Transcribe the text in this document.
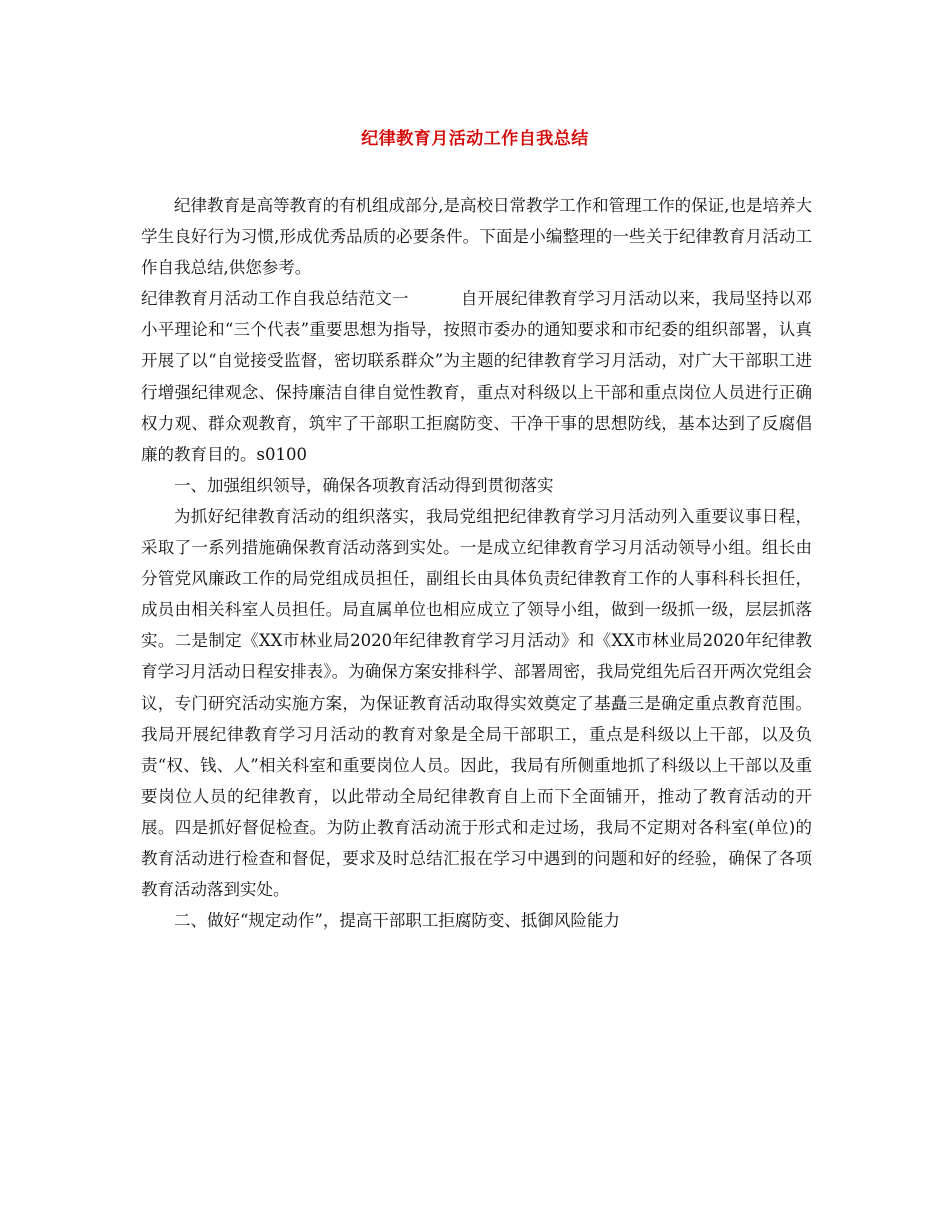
纪律教育月活动工作自我总结

纪律教育是高等教育的有机组成部分,是高校日常教学工作和管理工作的保证,也是培养大学生良好行为习惯,形成优秀品质的必要条件。下面是小编整理的一些关于纪律教育月活动工作自我总结,供您参考。

纪律教育月活动工作自我总结范文一	自开展纪律教育学习月活动以来，我局坚持以邓小平理论和“三个代表”重要思想为指导，按照市委办的通知要求和市纪委的组织部署，认真开展了以“自觉接受监督，密切联系群众”为主题的纪律教育学习月活动，对广大干部职工进行增强纪律观念、保持廉洁自律自觉性教育，重点对科级以上干部和重点岗位人员进行正确权力观、群众观教育，筑牢了干部职工拒腐防变、干净干事的思想防线，基本达到了反腐倡廉的教育目的。s0100

一、加强组织领导，确保各项教育活动得到贯彻落实

为抓好纪律教育活动的组织落实，我局党组把纪律教育学习月活动列入重要议事日程，采取了一系列措施确保教育活动落到实处。一是成立纪律教育学习月活动领导小组。组长由分管党风廉政工作的局党组成员担任，副组长由具体负责纪律教育工作的人事科科长担任，成员由相关科室人员担任。局直属单位也相应成立了领导小组，做到一级抓一级，层层抓落实。二是制定《XX市林业局2020年纪律教育学习月活动》和《XX市林业局2020年纪律教育学习月活动日程安排表》。为确保方案安排科学、部署周密，我局党组先后召开两次党组会议，专门研究活动实施方案，为保证教育活动取得实效奠定了基矗三是确定重点教育范围。我局开展纪律教育学习月活动的教育对象是全局干部职工，重点是科级以上干部，以及负责“权、钱、人”相关科室和重要岗位人员。因此，我局有所侧重地抓了科级以上干部以及重要岗位人员的纪律教育，以此带动全局纪律教育自上而下全面铺开，推动了教育活动的开展。四是抓好督促检查。为防止教育活动流于形式和走过场，我局不定期对各科室(单位)的教育活动进行检查和督促，要求及时总结汇报在学习中遇到的问题和好的经验，确保了各项教育活动落到实处。

二、做好“规定动作”，提高干部职工拒腐防变、抵御风险能力
